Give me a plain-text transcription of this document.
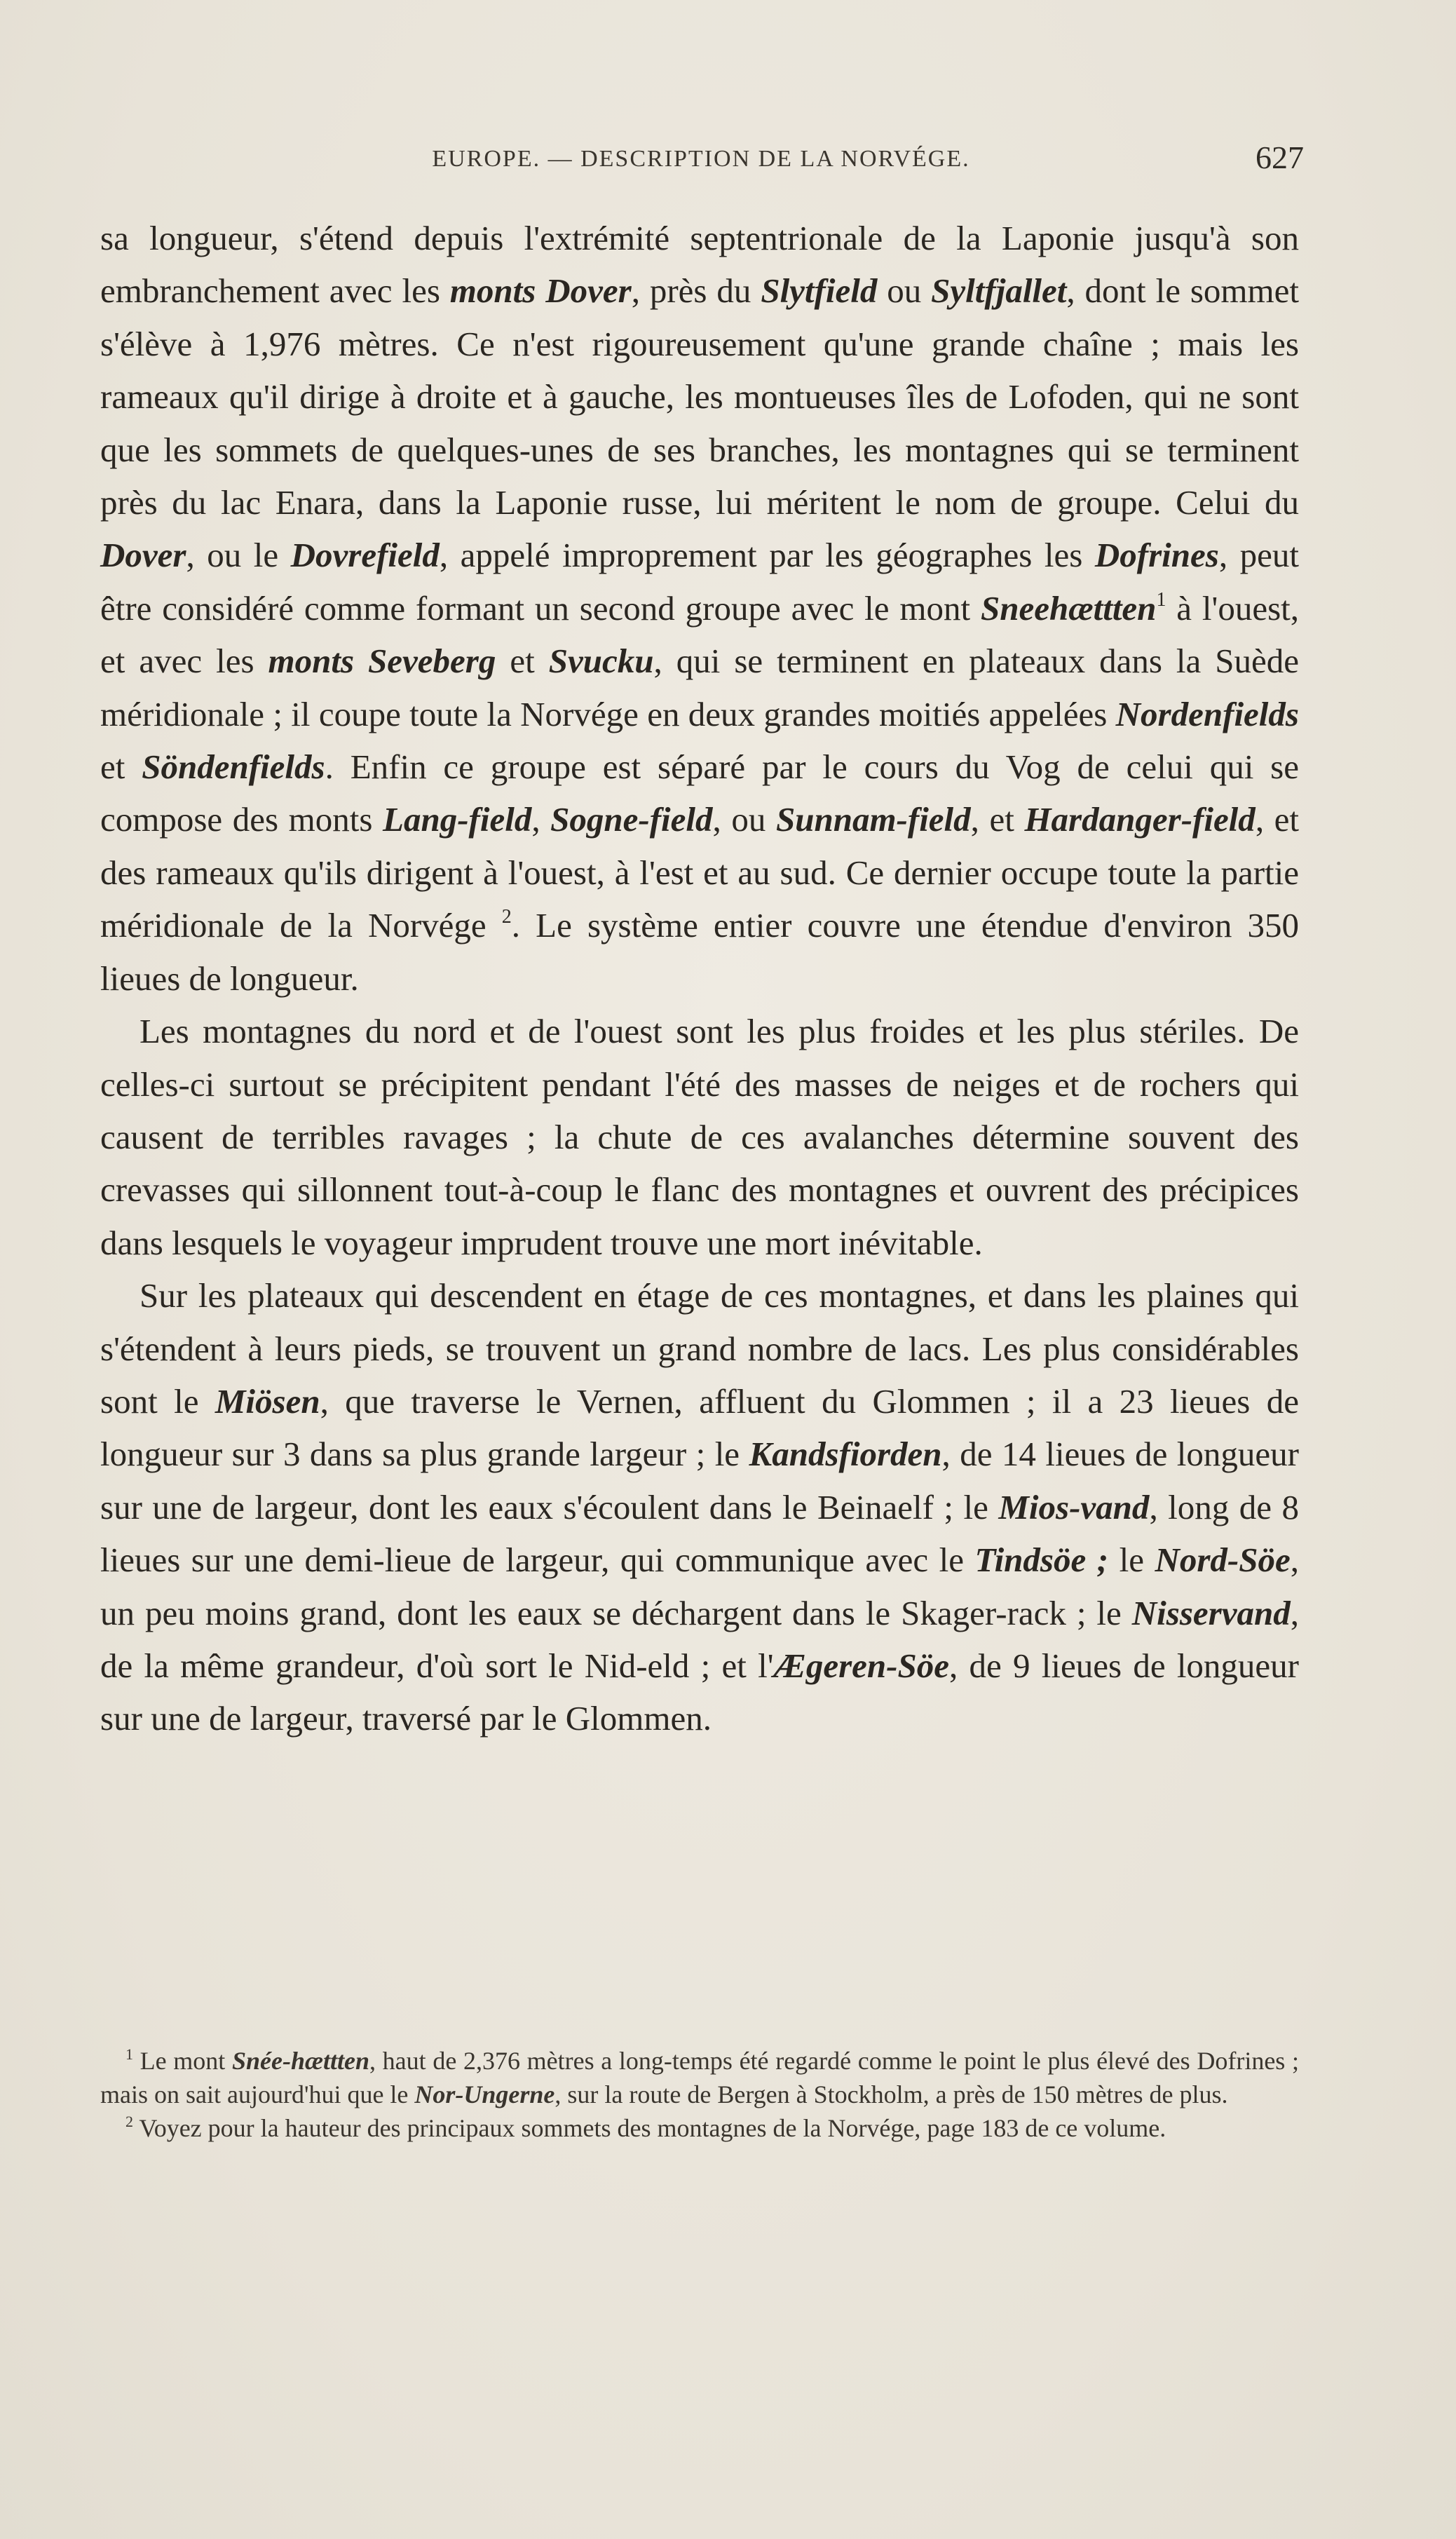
EUROPE. — DESCRIPTION DE LA NORVÉGE.	627

sa longueur, s'étend depuis l'extrémité septentrionale de la Laponie jusqu'à son embranchement avec les monts Dover, près du Slytfield ou Syltfjallet, dont le sommet s'élève à 1,976 mètres. Ce n'est rigoureusement qu'une grande chaîne ; mais les rameaux qu'il dirige à droite et à gauche, les montueuses îles de Lofoden, qui ne sont que les sommets de quelques-unes de ses branches, les montagnes qui se terminent près du lac Enara, dans la Laponie russe, lui méritent le nom de groupe. Celui du Dover, ou le Dovrefield, appelé improprement par les géographes les Dofrines, peut être considéré comme formant un second groupe avec le mont Sneehættten$^1$ à l'ouest, et avec les monts Seveberg et Svucku, qui se terminent en plateaux dans la Suède méridionale ; il coupe toute la Norvége en deux grandes moitiés appelées Nordenfields et Söndenfields. Enfin ce groupe est séparé par le cours du Vog de celui qui se compose des monts Lang-field, Sogne-field, ou Sunnam-field, et Hardanger-field, et des rameaux qu'ils dirigent à l'ouest, à l'est et au sud. Ce dernier occupe toute la partie méridionale de la Norvége $^2$. Le système entier couvre une étendue d'environ 350 lieues de longueur.

Les montagnes du nord et de l'ouest sont les plus froides et les plus stériles. De celles-ci surtout se précipitent pendant l'été des masses de neiges et de rochers qui causent de terribles ravages ; la chute de ces avalanches détermine souvent des crevasses qui sillonnent tout-à-coup le flanc des montagnes et ouvrent des précipices dans lesquels le voyageur imprudent trouve une mort inévitable.

Sur les plateaux qui descendent en étage de ces montagnes, et dans les plaines qui s'étendent à leurs pieds, se trouvent un grand nombre de lacs. Les plus considérables sont le Miösen, que traverse le Vernen, affluent du Glommen ; il a 23 lieues de longueur sur 3 dans sa plus grande largeur ; le Kandsfiorden, de 14 lieues de longueur sur une de largeur, dont les eaux s'écoulent dans le Beinaelf ; le Mios-vand, long de 8 lieues sur une demi-lieue de largeur, qui communique avec le Tindsöe ; le Nord-Söe, un peu moins grand, dont les eaux se déchargent dans le Skager-rack ; le Nisservand, de la même grandeur, d'où sort le Nid-eld ; et l'Ægeren-Söe, de 9 lieues de longueur sur une de largeur, traversé par le Glommen.

$^1$ Le mont Snée-hættten, haut de 2,376 mètres a long-temps été regardé comme le point le plus élevé des Dofrines ; mais on sait aujourd'hui que le Nor-Ungerne, sur la route de Bergen à Stockholm, a près de 150 mètres de plus.

$^2$ Voyez pour la hauteur des principaux sommets des montagnes de la Norvége, page 183 de ce volume.
